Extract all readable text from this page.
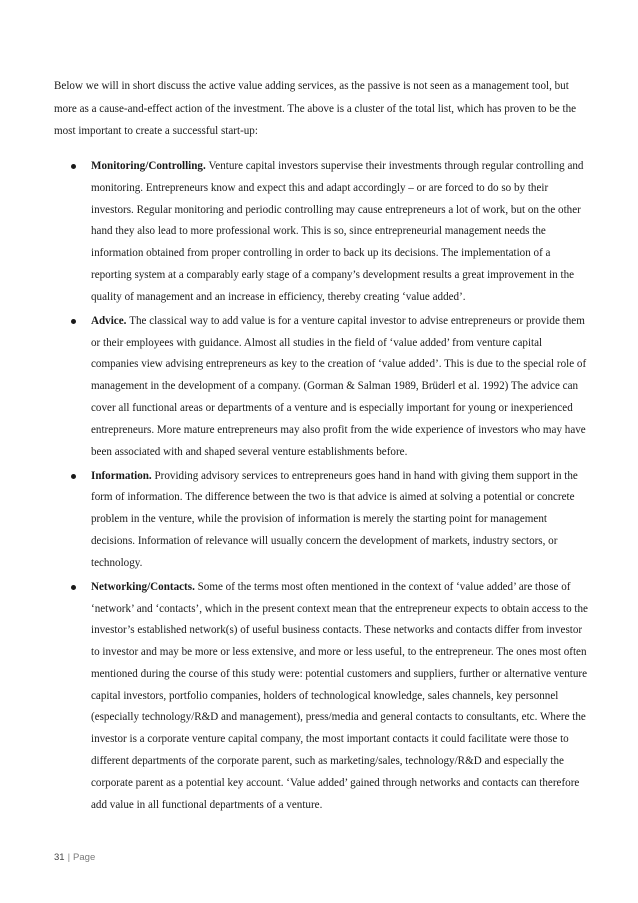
Below we will in short discuss the active value adding services, as the passive is not seen as a management tool, but more as a cause-and-effect action of the investment. The above is a cluster of the total list, which has proven to be the most important to create a successful start-up:

Monitoring/Controlling. Venture capital investors supervise their investments through regular controlling and monitoring. Entrepreneurs know and expect this and adapt accordingly – or are forced to do so by their investors. Regular monitoring and periodic controlling may cause entrepreneurs a lot of work, but on the other hand they also lead to more professional work. This is so, since entrepreneurial management needs the information obtained from proper controlling in order to back up its decisions. The implementation of a reporting system at a comparably early stage of a company’s development results a great improvement in the quality of management and an increase in efficiency, thereby creating ‘value added’.
Advice. The classical way to add value is for a venture capital investor to advise entrepreneurs or provide them or their employees with guidance. Almost all studies in the field of ‘value added’ from venture capital companies view advising entrepreneurs as key to the creation of ‘value added’. This is due to the special role of management in the development of a company. (Gorman & Salman 1989, Brüderl et al. 1992) The advice can cover all functional areas or departments of a venture and is especially important for young or inexperienced entrepreneurs. More mature entrepreneurs may also profit from the wide experience of investors who may have been associated with and shaped several venture establishments before.
Information. Providing advisory services to entrepreneurs goes hand in hand with giving them support in the form of information. The difference between the two is that advice is aimed at solving a potential or concrete problem in the venture, while the provision of information is merely the starting point for management decisions. Information of relevance will usually concern the development of markets, industry sectors, or technology.
Networking/Contacts. Some of the terms most often mentioned in the context of ‘value added’ are those of ‘network’ and ‘contacts’, which in the present context mean that the entrepreneur expects to obtain access to the investor’s established network(s) of useful business contacts. These networks and contacts differ from investor to investor and may be more or less extensive, and more or less useful, to the entrepreneur. The ones most often mentioned during the course of this study were: potential customers and suppliers, further or alternative venture capital investors, portfolio companies, holders of technological knowledge, sales channels, key personnel (especially technology/R&D and management), press/media and general contacts to consultants, etc. Where the investor is a corporate venture capital company, the most important contacts it could facilitate were those to different departments of the corporate parent, such as marketing/sales, technology/R&D and especially the corporate parent as a potential key account. ‘Value added’ gained through networks and contacts can therefore add value in all functional departments of a venture.
31 | Page
